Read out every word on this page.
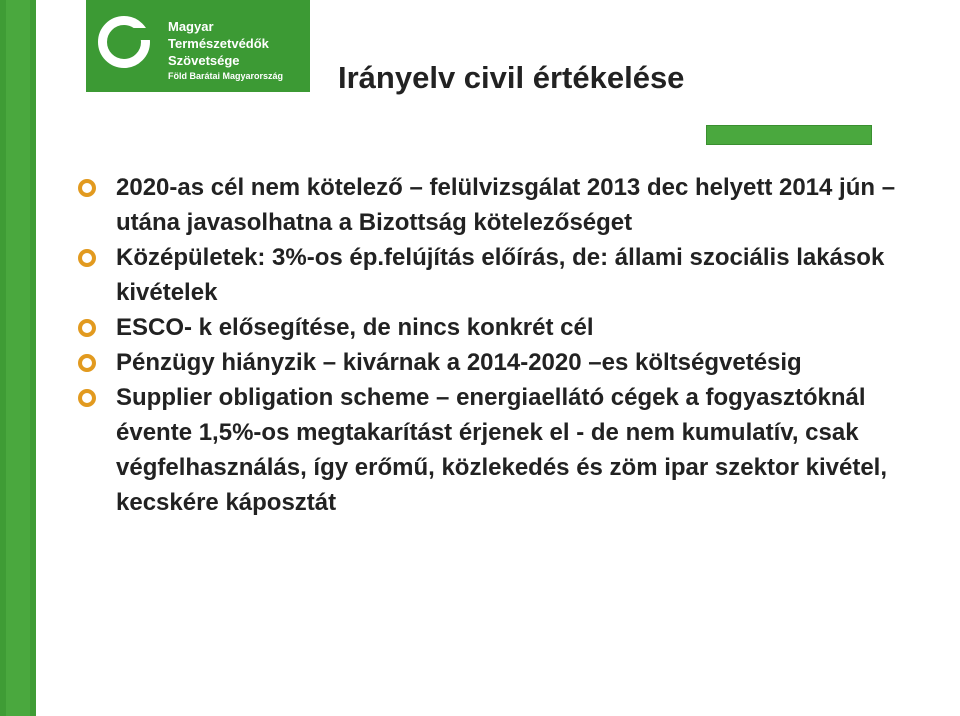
Magyar
Természetvédők
Szövetsége
Föld Barátai Magyarország Irányelv civil értékelése
2020-as cél nem kötelező – felülvizsgálat 2013 dec helyett 2014 jún – utána javasolhatna a Bizottság kötelezőséget
Középületek: 3%-os ép.felújítás előírás, de: állami szociális lakások kivételek
ESCO- k elősegítése, de nincs konkrét cél
Pénzügy hiányzik – kivárnak a 2014-2020 –es költségvetésig
Supplier obligation scheme – energiaellátó cégek a fogyasztóknál évente 1,5%-os megtakarítást érjenek el - de nem kumulatív, csak végfelhasználás, így erőmű, közlekedés és zöm ipar szektor kivétel, kecskére káposztát
